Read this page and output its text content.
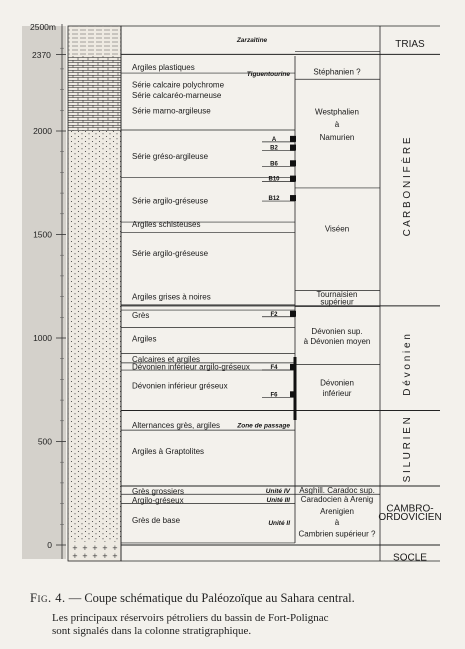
2000
1500
1000
500
0
2500m
2370
A
B2
B6
B10
B12
F2
F4
F6
Argiles plastiques
Série calcaire polychrome
Série calcaréo-marneuse
Série marno-argileuse
Série gréso-argileuse
Série argilo-gréseuse
Argiles schisteuses
Série argilo-gréseuse
Argiles grises à noires
Grès
Argiles
Calcaires et argiles
Dévonien inférieur argilo-gréseux
Dévonien inférieur gréseux
Alternances grès, argiles
Argiles à Graptolites
Grès grossiers
Argilo-gréseux
Grès de base
Tiguentourine
Zone de passage
Unité IV
Unité III
Unité II
Zarzaïtine
Stéphanien ?
Westphalien
à
Namurien
Viséen
Tournaisien
supérieur
Dévonien sup.
à Dévonien moyen
Dévonien
inférieur
Asghill. Caradoc sup.
Caradocien à Arenig
Arenigien
à
Cambrien supérieur ?
TRIAS
C A R B O N I F È R E
D é v o n i e n
S I L U R I E N
CAMBRO-
ORDOVICIEN
SOCLE
Fig. 4. — Coupe schématique du Paléozoïque au Sahara central.
Les principaux réservoirs pétroliers du bassin de Fort-Polignac
sont signalés dans la colonne stratigraphique.
